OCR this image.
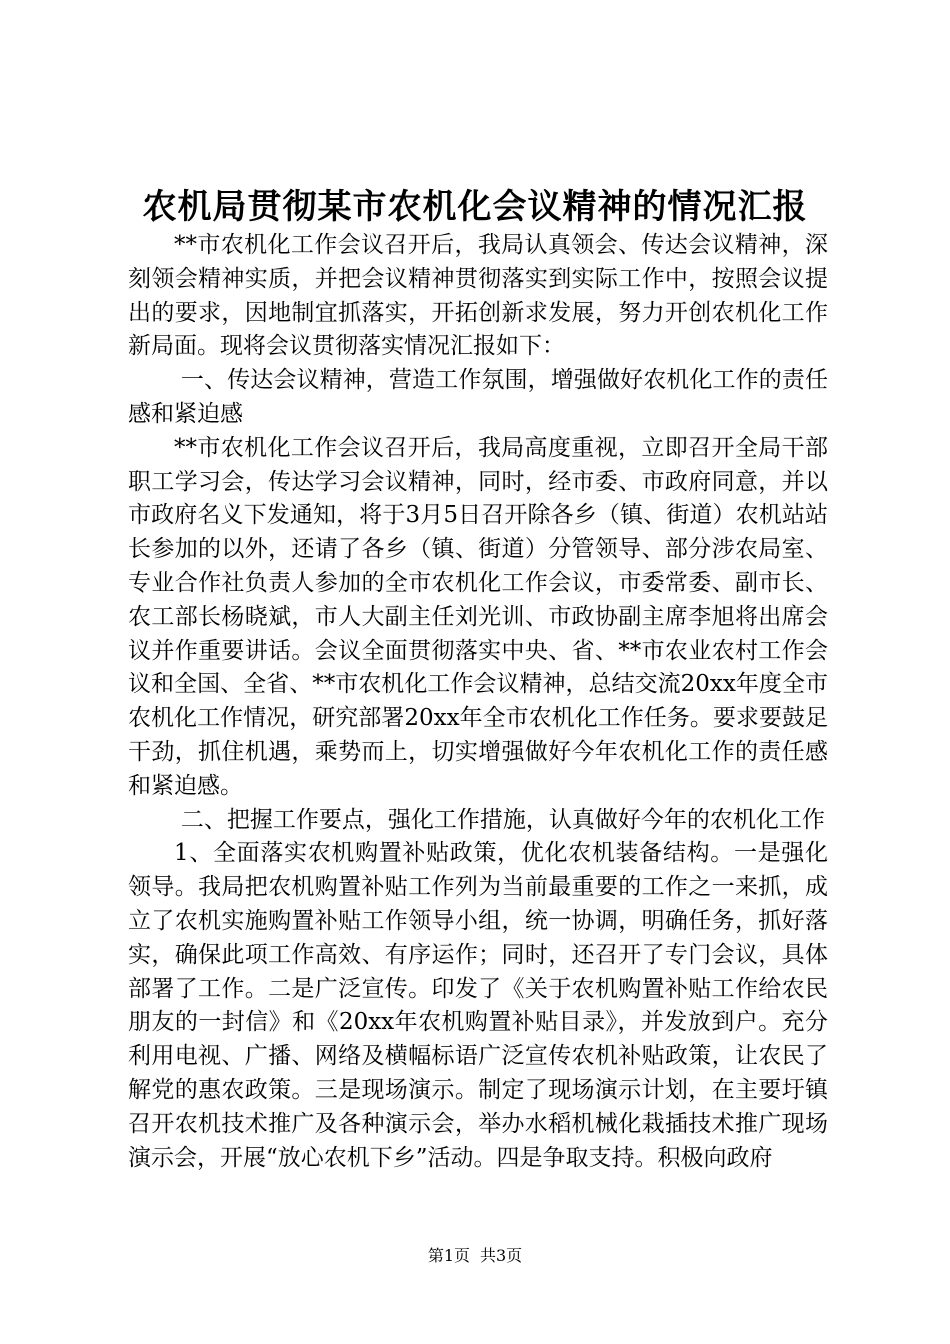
农机局贯彻某市农机化会议精神的情况汇报

**市农机化工作会议召开后，我局认真领会、传达会议精神，深刻领会精神实质，并把会议精神贯彻落实到实际工作中，按照会议提出的要求，因地制宜抓落实，开拓创新求发展，努力开创农机化工作新局面。现将会议贯彻落实情况汇报如下：

一、传达会议精神，营造工作氛围，增强做好农机化工作的责任感和紧迫感

**市农机化工作会议召开后，我局高度重视，立即召开全局干部职工学习会，传达学习会议精神，同时，经市委、市政府同意，并以市政府名义下发通知，将于3月5日召开除各乡（镇、街道）农机站站长参加的以外，还请了各乡（镇、街道）分管领导、部分涉农局室、专业合作社负责人参加的全市农机化工作会议，市委常委、副市长、农工部长杨晓斌，市人大副主任刘光训、市政协副主席李旭将出席会议并作重要讲话。会议全面贯彻落实中央、省、**市农业农村工作会议和全国、全省、**市农机化工作会议精神，总结交流20xx年度全市农机化工作情况，研究部署20xx年全市农机化工作任务。要求要鼓足干劲，抓住机遇，乘势而上，切实增强做好今年农机化工作的责任感和紧迫感。

二、把握工作要点，强化工作措施，认真做好今年的农机化工作

1、全面落实农机购置补贴政策，优化农机装备结构。一是强化领导。我局把农机购置补贴工作列为当前最重要的工作之一来抓，成立了农机实施购置补贴工作领导小组，统一协调，明确任务，抓好落实，确保此项工作高效、有序运作；同时，还召开了专门会议，具体部署了工作。二是广泛宣传。印发了《关于农机购置补贴工作给农民朋友的一封信》和《20xx年农机购置补贴目录》，并发放到户。充分利用电视、广播、网络及横幅标语广泛宣传农机补贴政策，让农民了解党的惠农政策。三是现场演示。制定了现场演示计划，在主要圩镇召开农机技术推广及各种演示会，举办水稻机械化栽插技术推广现场演示会，开展“放心农机下乡”活动。四是争取支持。积极向政府

第1页 共3页
